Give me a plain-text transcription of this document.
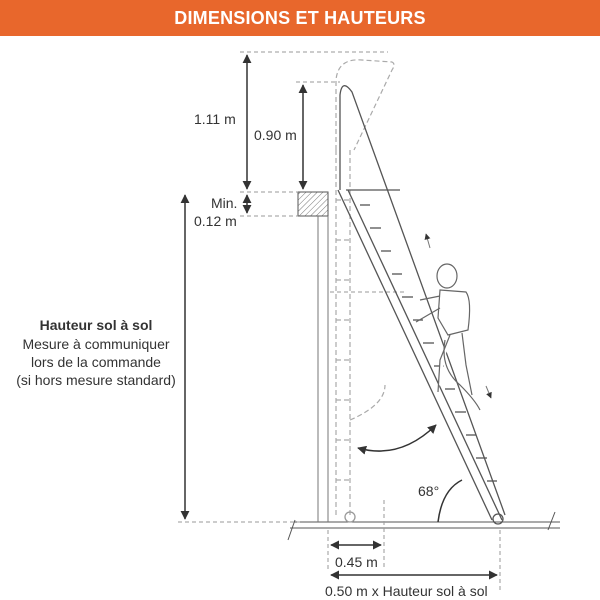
DIMENSIONS ET HAUTEURS
68°
1.11 m
0.90 m
Min.
0.12 m
0.45 m
0.50 m x Hauteur sol à sol
Hauteur sol à sol
Mesure à communiquer
lors de la commande
(si hors mesure standard)
